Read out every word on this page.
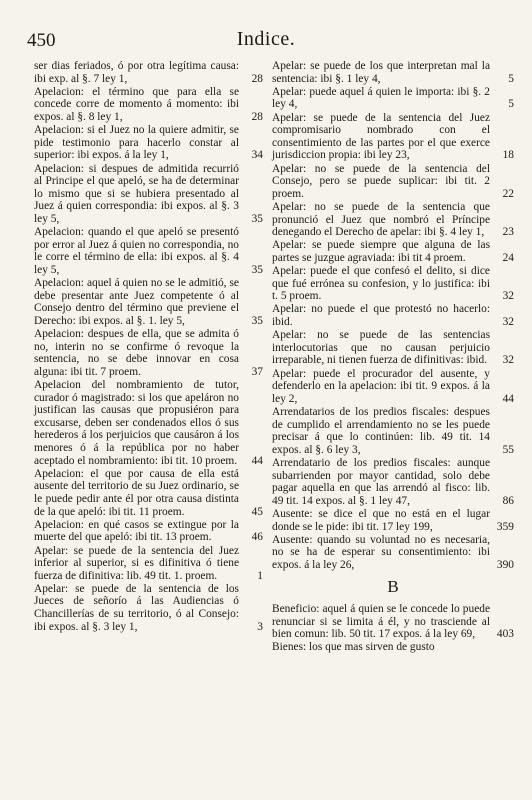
450	Indice.
ser dias feriados, ó por otra legítima causa: ibi exp. al §. 7 ley 1,	28
Apelacion: el término que para ella se concede corre de momento á momento: ibi expos. al §. 8 ley 1,	28
Apelacion: si el Juez no la quiere admitir, se pide testimonio para hacerlo constar al superior: ibi expos. á la ley 1,	34
Apelacion: si despues de admitida recurrió al Principe el que apeló, se ha de determinar lo mismo que si se hubiera presentado al Juez á quien correspondia: ibi expos. al §. 3 ley 5,	35
Apelacion: quando el que apeló se presentó por error al Juez á quien no correspondia, no le corre el término de ella: ibi expos. al §. 4 ley 5,	35
Apelacion: aquel á quien no se le admitió, se debe presentar ante Juez competente ó al Consejo dentro del término que previene el Derecho: ibi expos. al §. 1. ley 5,	35
Apelacion: despues de ella, que se admita ó no, interin no se confirme ó revoque la sentencia, no se debe innovar en cosa alguna: ibi tit. 7 proem.	37
Apelacion del nombramiento de tutor, curador ó magistrado: si los que apeláron no justifican las causas que propusiéron para excusarse, deben ser condenados ellos ó sus herederos á los perjuicios que causáron á los menores ó á la república por no haber aceptado el nombramiento: ibi tit. 10 proem. 44
Apelacion: el que por causa de ella está ausente del territorio de su Juez ordinario, se le puede pedir ante él por otra causa distinta de la que apeló: ibi tit. 11 proem.	45
Apelacion: en qué casos se extingue por la muerte del que apeló: ibi tit. 13 proem.	46
Apelar: se puede de la sentencia del Juez inferior al superior, si es difinitiva ó tiene fuerza de difinitiva: lib. 49 tit. 1. proem.	1
Apelar: se puede de la sentencia de los Jueces de señorío á las Audiencias ó Chancillerías de su territorio, ó al Consejo: ibi expos. al §. 3 ley 1,	3
Apelar: se puede de los que interpretan mal la sentencia: ibi §. 1 ley 4,	5
Apelar: puede aquel á quien le importa: ibi §. 2 ley 4,	5
Apelar: se puede de la sentencia del Juez compromisario nombrado con el consentimiento de las partes por el que exerce jurisdiccion propia: ibi ley 23,	18
Apelar: no se puede de la sentencia del Consejo, pero se puede suplicar: ibi tit. 2 proem.	22
Apelar: no se puede de la sentencia que pronunció el Juez que nombró el Príncipe denegando el Derecho de apelar: ibi §. 4 ley 1,	23
Apelar: se puede siempre que alguna de las partes se juzgue agraviada: ibi tit 4 proem.	24
Apelar: puede el que confesó el delito, si dice que fué errónea su confesion, y lo justifica: ibi t. 5 proem.	32
Apelar: no puede el que protestó no hacerlo: ibid.	32
Apelar: no se puede de las sentencias interlocutorias que no causan perjuicio irreparable, ni tienen fuerza de difinitivas: ibid. 32
Apelar: puede el procurador del ausente, y defenderlo en la apelacion: ibi tit. 9 expos. á la ley 2,	44
Arrendatarios de los predios fiscales: despues de cumplido el arrendamiento no se les puede precisar á que lo continúen: lib. 49 tit. 14 expos. al §. 6 ley 3,	55
Arrendatario de los predios fiscales: aunque subarrienden por mayor cantidad, solo debe pagar aquella en que las arrendó al fisco: lib. 49 tit. 14 expos. al §. 1 ley 47,	86
Ausente: se dice el que no está en el lugar donde se le pide: ibi tit. 17 ley 199,	359
Ausente: quando su voluntad no es necesaria, no se ha de esperar su consentimiento: ibi expos. á la ley 26,	390
B
Beneficio: aquel á quien se le concede lo puede renunciar si se limita á él, y no trasciende al bien comun: lib. 50 tit. 17 expos. á la ley 69,	403
Bienes: los que mas sirven de gusto
